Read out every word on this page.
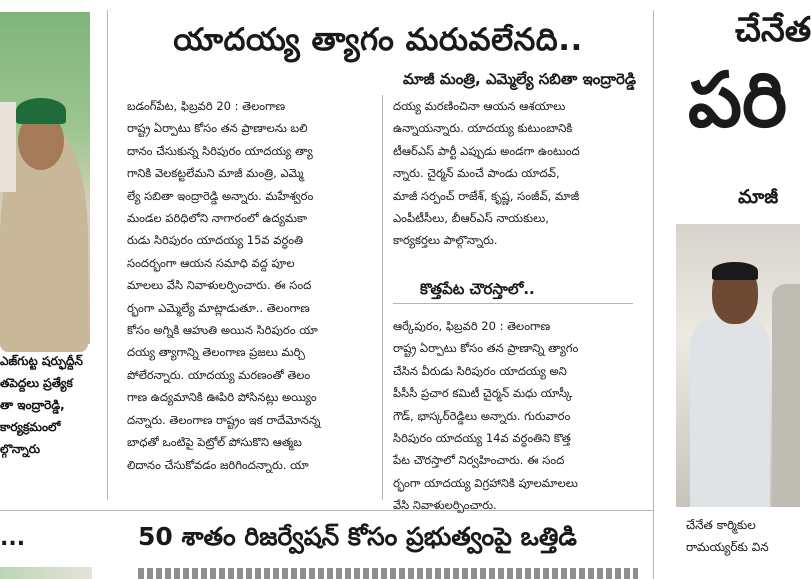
ఎజ్‌గుట్ట షర్ఫుద్దీన్
తపెద్దలు ప్రత్యేక
తా ఇంద్రారెడ్డి,
కార్యక్రమంలో
ల్గొన్నారు
యాదయ్య త్యాగం మరువలేనది..
మాజీ మంత్రి, ఎమ్మెల్యే సబితా ఇంద్రారెడ్డి

బడంగ్‌పేట, ఫిబ్రవరి 20 : తెలంగాణ

రాష్ట్ర ఏర్పాటు కోసం తన ప్రాణాలను బలి

దానం చేసుకున్న సిరిపురం యాదయ్య త్యా

గానికి వెలకట్టలేమని మాజీ మంత్రి, ఎమ్మె

ల్యే సబితా ఇంద్రారెడ్డి అన్నారు. మహేశ్వరం

మండల పరిధిలోని నాగారంలో ఉద్యమకా

రుడు సిరిపురం యాదయ్య 15వ వర్ధంతి

సందర్భంగా ఆయన సమాధి వద్ద పూల

మాలలు వేసి నివాళులర్పించారు. ఈ సంద

ర్భంగా ఎమ్మెల్యే మాట్లాడుతూ.. తెలంగాణ

కోసం అగ్నికి ఆహుతి అయిన సిరిపురం యా

దయ్య త్యాగాన్ని తెలంగాణ ప్రజలు మర్చి

పోలేరన్నారు. యాదయ్య మరణంతో తెలం

గాణ ఉద్యమానికి ఊపిరి పోసినట్లు అయ్యిం

దన్నారు. తెలంగాణ రాష్ట్రం ఇక రాదేమోనన్న

బాధతో ఒంటిపై పెట్రోల్ పోసుకొని ఆత్మబ

లిదానం చేసుకోవడం జరిగిందన్నారు. యా

దయ్య మరణించినా ఆయన ఆశయాలు

ఉన్నాయన్నారు. యాదయ్య కుటుంబానికి

టీఆర్ఎస్ పార్టీ ఎప్పుడు అండగా ఉంటుంద

న్నారు. చైర్మన్ మంచే పాండు యాదవ్,

మాజీ సర్పంచ్ రాజేశ్, కృష్ణ, సంజీవ్, మాజీ

ఎంపీటీసీలు, బీఆర్ఎస్ నాయకులు,

కార్యకర్తలు పాల్గొన్నారు.

కొత్తపేట చౌరస్తాలో..

ఆర్కేపురం, ఫిబ్రవరి 20 : తెలంగాణ

రాష్ట్ర ఏర్పాటు కోసం తన ప్రాణాన్ని త్యాగం

చేసిన వీరుడు సిరిపురం యాదయ్య అని

పీసీసీ ప్రచార కమిటీ చైర్మన్ మధు యాస్కీ

గౌడ్, భాస్కర్‌రెడ్డిలు అన్నారు. గురువారం

సిరిపురం యాదయ్య 14వ వర్ధంతిని కొత్త

పేట చౌరస్తాలో నిర్వహించారు. ఈ సంద

ర్భంగా యాదయ్య విగ్రహానికి పూలమాలలు

వేసి నివాళులర్పించారు.

...	50 శాతం రిజర్వేషన్ కోసం ప్రభుత్వంపై ఒత్తిడి
చేనేత
పరి
మాజీ
చేనేత కార్మికుల
రామయ్యర్‌కు విన
